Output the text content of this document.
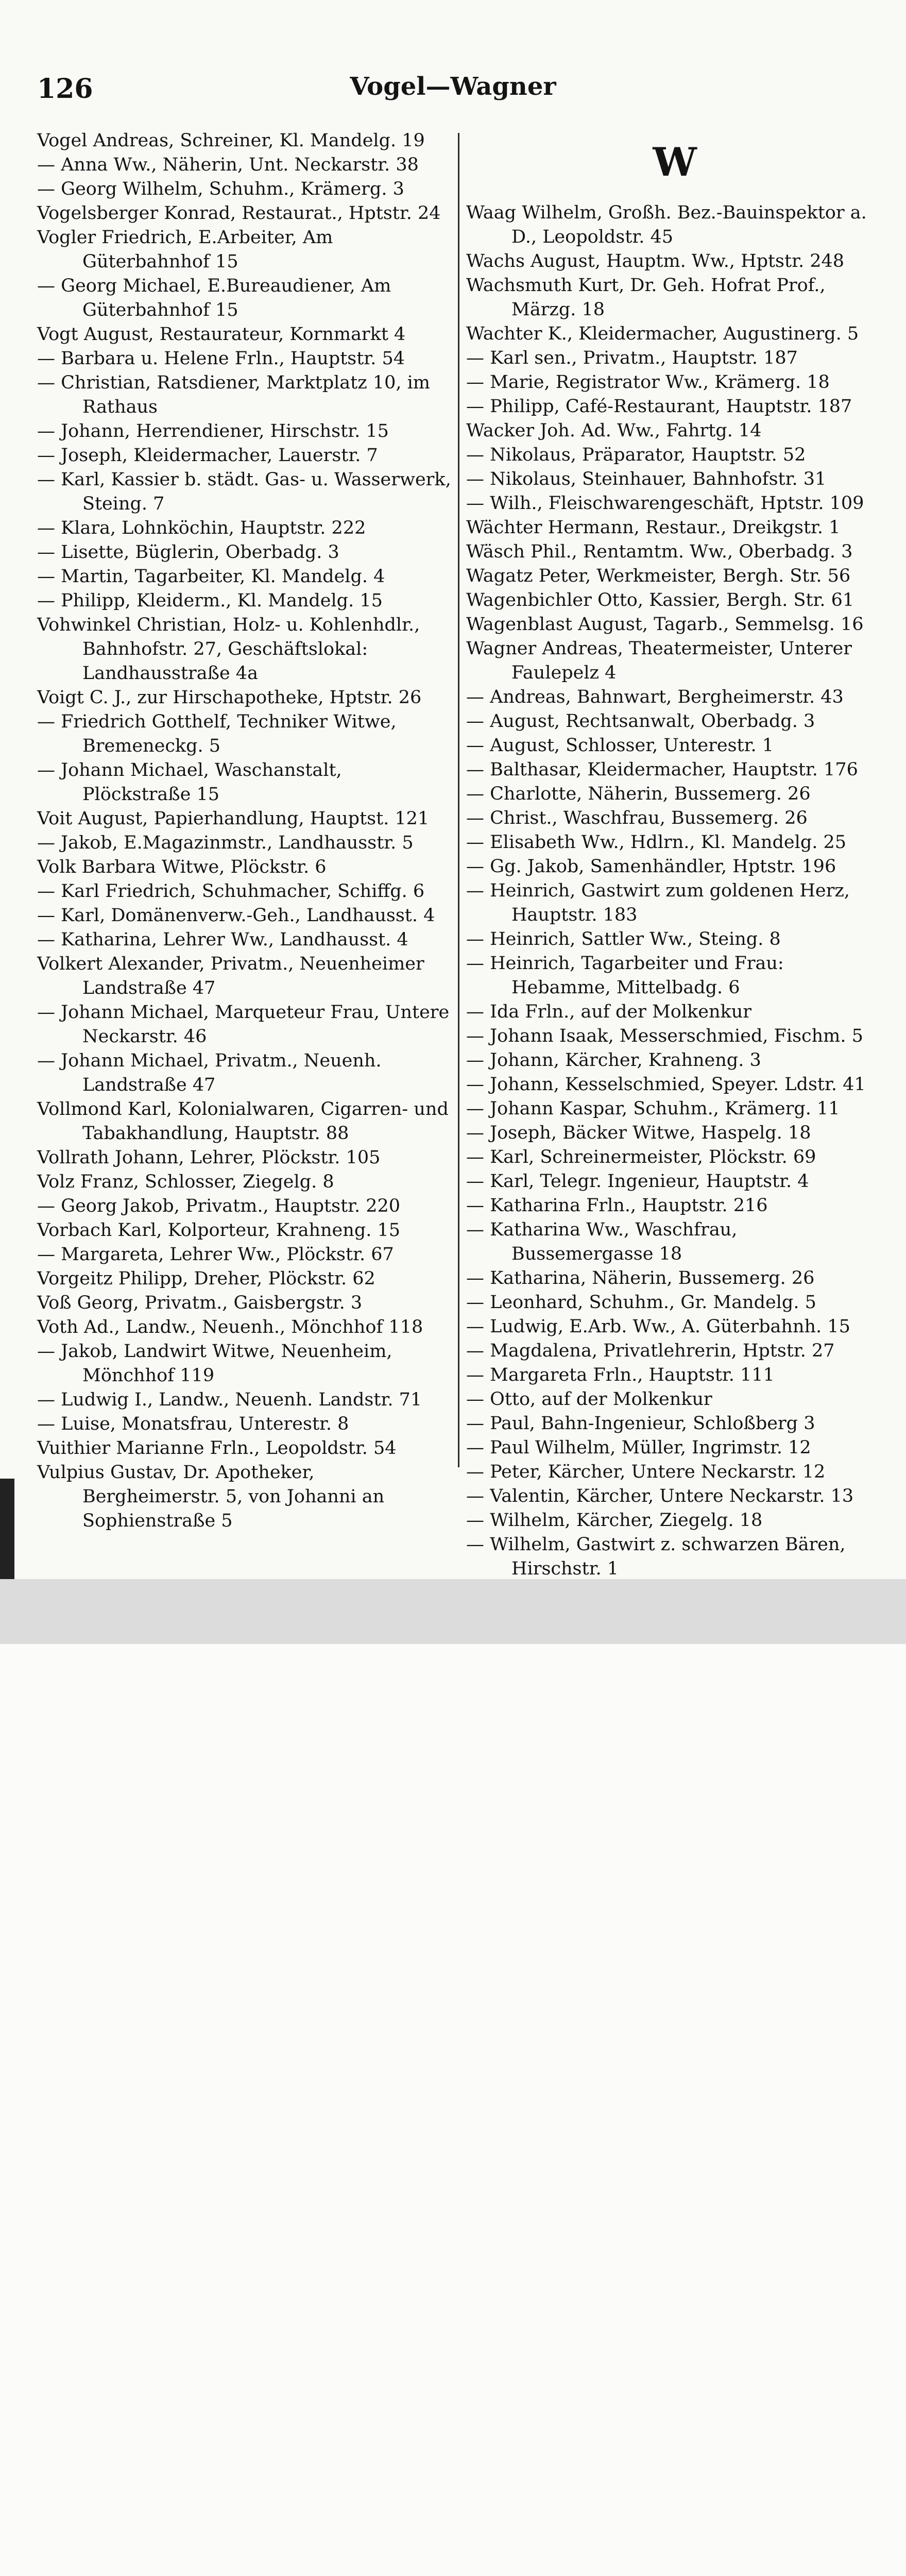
126	Vogel—Wagner
Vogel Andreas, Schreiner, Kl. Mandelg. 19
— Anna Ww., Näherin, Unt. Neckarstr. 38
— Georg Wilhelm, Schuhm., Krämerg. 3
Vogelsberger Konrad, Restaurat., Hptstr. 24
Vogler Friedrich, E.Arbeiter, Am Güterbahnhof 15
— Georg Michael, E.Bureaudiener, Am Güterbahnhof 15
Vogt August, Restaurateur, Kornmarkt 4
— Barbara u. Helene Frln., Hauptstr. 54
— Christian, Ratsdiener, Marktplatz 10, im Rathaus
— Johann, Herrendiener, Hirschstr. 15
— Joseph, Kleidermacher, Lauerstr. 7
— Karl, Kassier b. städt. Gas- u. Wasserwerk, Steing. 7
— Klara, Lohnköchin, Hauptstr. 222
— Lisette, Büglerin, Oberbadg. 3
— Martin, Tagarbeiter, Kl. Mandelg. 4
— Philipp, Kleiderm., Kl. Mandelg. 15
Vohwinkel Christian, Holz- u. Kohlenhdlr., Bahnhofstr. 27, Geschäftslokal: Landhausstraße 4a
Voigt C. J., zur Hirschapotheke, Hptstr. 26
— Friedrich Gotthelf, Techniker Witwe, Bremeneckg. 5
— Johann Michael, Waschanstalt, Plöckstraße 15
Voit August, Papierhandlung, Hauptst. 121
— Jakob, E.Magazinmstr., Landhausstr. 5
Volk Barbara Witwe, Plöckstr. 6
— Karl Friedrich, Schuhmacher, Schiffg. 6
— Karl, Domänenverw.-Geh., Landhausst. 4
— Katharina, Lehrer Ww., Landhausst. 4
Volkert Alexander, Privatm., Neuenheimer Landstraße 47
— Johann Michael, Marqueteur Frau, Untere Neckarstr. 46
— Johann Michael, Privatm., Neuenh. Landstraße 47
Vollmond Karl, Kolonialwaren, Cigarren- und Tabakhandlung, Hauptstr. 88
Vollrath Johann, Lehrer, Plöckstr. 105
Volz Franz, Schlosser, Ziegelg. 8
— Georg Jakob, Privatm., Hauptstr. 220
Vorbach Karl, Kolporteur, Krahneng. 15
— Margareta, Lehrer Ww., Plöckstr. 67
Vorgeitz Philipp, Dreher, Plöckstr. 62
Voß Georg, Privatm., Gaisbergstr. 3
Voth Ad., Landw., Neuenh., Mönchhof 118
— Jakob, Landwirt Witwe, Neuenheim, Mönchhof 119
— Ludwig I., Landw., Neuenh. Landstr. 71
— Luise, Monatsfrau, Unterestr. 8
Vuithier Marianne Frln., Leopoldstr. 54
Vulpius Gustav, Dr. Apotheker, Bergheimerstr. 5, von Johanni an Sophienstraße 5
W
Waag Wilhelm, Großh. Bez.-Bauinspektor a. D., Leopoldstr. 45
Wachs August, Hauptm. Ww., Hptstr. 248
Wachsmuth Kurt, Dr. Geh. Hofrat Prof., Märzg. 18
Wachter K., Kleidermacher, Augustinerg. 5
— Karl sen., Privatm., Hauptstr. 187
— Marie, Registrator Ww., Krämerg. 18
— Philipp, Café-Restaurant, Hauptstr. 187
Wacker Joh. Ad. Ww., Fahrtg. 14
— Nikolaus, Präparator, Hauptstr. 52
— Nikolaus, Steinhauer, Bahnhofstr. 31
— Wilh., Fleischwarengeschäft, Hptstr. 109
Wächter Hermann, Restaur., Dreikgstr. 1
Wäsch Phil., Rentamtm. Ww., Oberbadg. 3
Wagatz Peter, Werkmeister, Bergh. Str. 56
Wagenbichler Otto, Kassier, Bergh. Str. 61
Wagenblast August, Tagarb., Semmelsg. 16
Wagner Andreas, Theatermeister, Unterer Faulepelz 4
— Andreas, Bahnwart, Bergheimerstr. 43
— August, Rechtsanwalt, Oberbadg. 3
— August, Schlosser, Unterestr. 1
— Balthasar, Kleidermacher, Hauptstr. 176
— Charlotte, Näherin, Bussemerg. 26
— Christ., Waschfrau, Bussemerg. 26
— Elisabeth Ww., Hdlrn., Kl. Mandelg. 25
— Gg. Jakob, Samenhändler, Hptstr. 196
— Heinrich, Gastwirt zum goldenen Herz, Hauptstr. 183
— Heinrich, Sattler Ww., Steing. 8
— Heinrich, Tagarbeiter und Frau: Hebamme, Mittelbadg. 6
— Ida Frln., auf der Molkenkur
— Johann Isaak, Messerschmied, Fischm. 5
— Johann, Kärcher, Krahneng. 3
— Johann, Kesselschmied, Speyer. Ldstr. 41
— Johann Kaspar, Schuhm., Krämerg. 11
— Joseph, Bäcker Witwe, Haspelg. 18
— Karl, Schreinermeister, Plöckstr. 69
— Karl, Telegr. Ingenieur, Hauptstr. 4
— Katharina Frln., Hauptstr. 216
— Katharina Ww., Waschfrau, Bussemergasse 18
— Katharina, Näherin, Bussemerg. 26
— Leonhard, Schuhm., Gr. Mandelg. 5
— Ludwig, E.Arb. Ww., A. Güterbahnh. 15
— Magdalena, Privatlehrerin, Hptstr. 27
— Margareta Frln., Hauptstr. 111
— Otto, auf der Molkenkur
— Paul, Bahn-Ingenieur, Schloßberg 3
— Paul Wilhelm, Müller, Ingrimstr. 12
— Peter, Kärcher, Untere Neckarstr. 12
— Valentin, Kärcher, Untere Neckarstr. 13
— Wilhelm, Kärcher, Ziegelg. 18
— Wilhelm, Gastwirt z. schwarzen Bären, Hirschstr. 1
